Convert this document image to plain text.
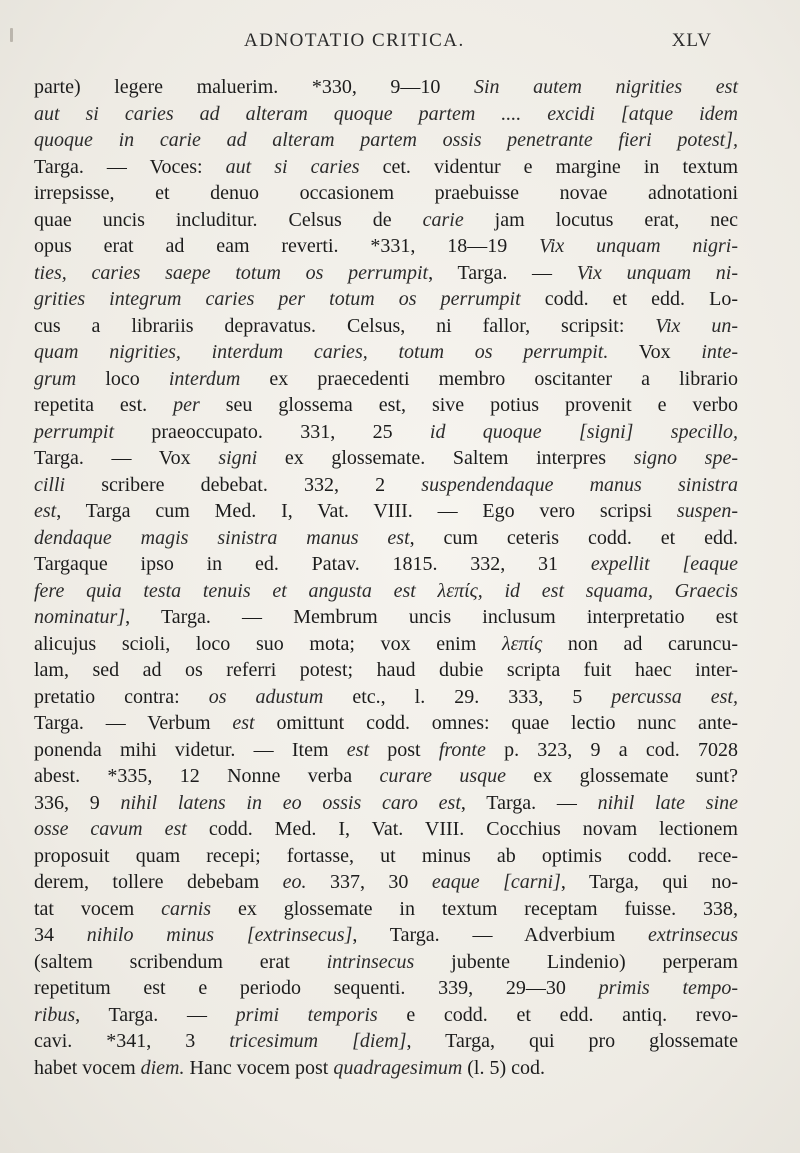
ADNOTATIO CRITICA.	XLV
parte) legere maluerim. *330, 9—10 Sin autem nigrities est
aut si caries ad alteram quoque partem .... excidi [atque idem
quoque in carie ad alteram partem ossis penetrante fieri potest],
Targa. — Voces: aut si caries cet. videntur e margine in textum
irrepsisse, et denuo occasionem praebuisse novae adnotationi
quae uncis includitur. Celsus de carie jam locutus erat, nec
opus erat ad eam reverti. *331, 18—19 Vix unquam nigri-
ties, caries saepe totum os perrumpit, Targa. — Vix unquam ni-
grities integrum caries per totum os perrumpit codd. et edd. Lo-
cus a librariis depravatus. Celsus, ni fallor, scripsit: Vix un-
quam nigrities, interdum caries, totum os perrumpit. Vox inte-
grum loco interdum ex praecedenti membro oscitanter a librario
repetita est. per seu glossema est, sive potius provenit e verbo
perrumpit praeoccupato. 331, 25 id quoque [signi] specillo,
Targa. — Vox signi ex glossemate. Saltem interpres signo spe-
cilli scribere debebat. 332, 2 suspendendaque manus sinistra
est, Targa cum Med. I, Vat. VIII. — Ego vero scripsi suspen-
dendaque magis sinistra manus est, cum ceteris codd. et edd.
Targaque ipso in ed. Patav. 1815. 332, 31 expellit [eaque
fere quia testa tenuis et angusta est λεπίς, id est squama, Graecis
nominatur], Targa. — Membrum uncis inclusum interpretatio est
alicujus scioli, loco suo mota; vox enim λεπίς non ad caruncu-
lam, sed ad os referri potest; haud dubie scripta fuit haec inter-
pretatio contra: os adustum etc., l. 29. 333, 5 percussa est,
Targa. — Verbum est omittunt codd. omnes: quae lectio nunc ante-
ponenda mihi videtur. — Item est post fronte p. 323, 9 a cod. 7028
abest. *335, 12 Nonne verba curare usque ex glossemate sunt?
336, 9 nihil latens in eo ossis caro est, Targa. — nihil late sine
osse cavum est codd. Med. I, Vat. VIII. Cocchius novam lectionem
proposuit quam recepi; fortasse, ut minus ab optimis codd. rece-
derem, tollere debebam eo. 337, 30 eaque [carni], Targa, qui no-
tat vocem carnis ex glossemate in textum receptam fuisse. 338,
34 nihilo minus [extrinsecus], Targa. — Adverbium extrinsecus
(saltem scribendum erat intrinsecus jubente Lindenio) perperam
repetitum est e periodo sequenti. 339, 29—30 primis tempo-
ribus, Targa. — primi temporis e codd. et edd. antiq. revo-
cavi. *341, 3 tricesimum [diem], Targa, qui pro glossemate
habet vocem diem. Hanc vocem post quadragesimum (l. 5) cod.
